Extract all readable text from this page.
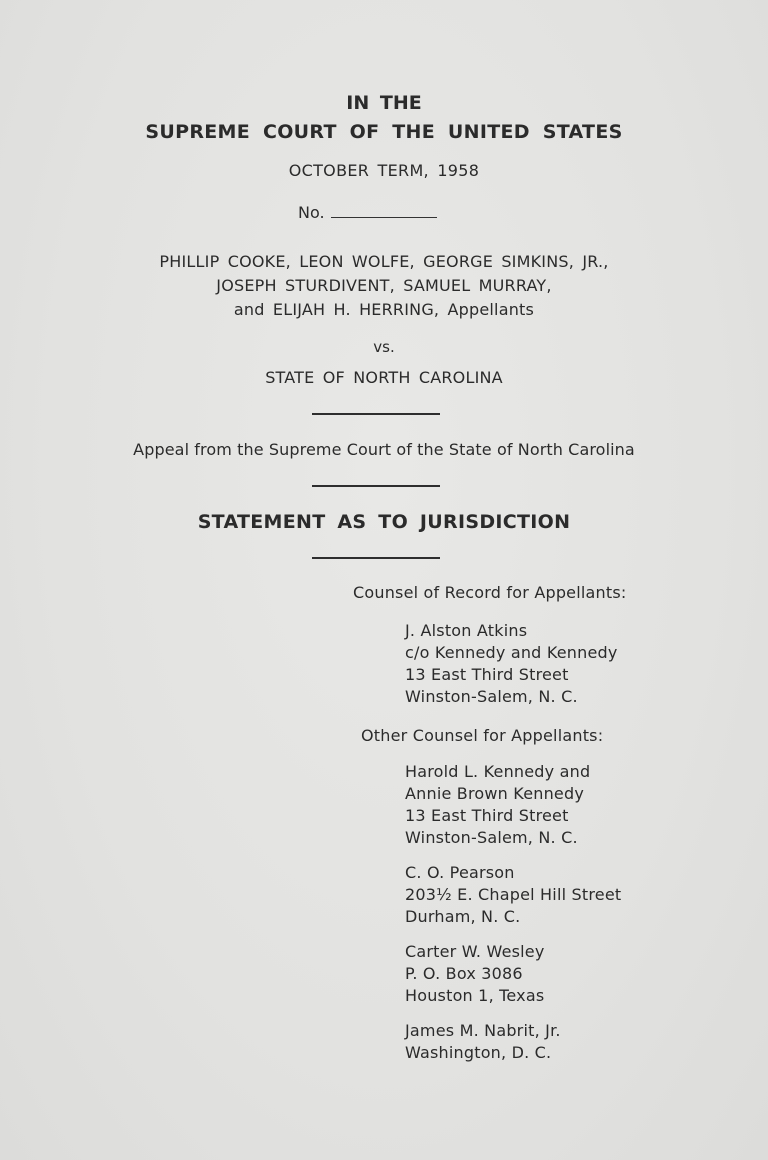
IN THE
SUPREME COURT OF THE UNITED STATES
OCTOBER TERM, 1958
No.
PHILLIP COOKE, LEON WOLFE, GEORGE SIMKINS, JR.,
JOSEPH STURDIVENT, SAMUEL MURRAY,
and ELIJAH H. HERRING, Appellants
vs.
STATE OF NORTH CAROLINA
Appeal from the Supreme Court of the State of North Carolina
STATEMENT AS TO JURISDICTION
Counsel of Record for Appellants:
J. Alston Atkins
c/o Kennedy and Kennedy
13 East Third Street
Winston-Salem, N. C.
Other Counsel for Appellants:
Harold L. Kennedy and
Annie Brown Kennedy
13 East Third Street
Winston-Salem, N. C.
C. O. Pearson
203½ E. Chapel Hill Street
Durham, N. C.
Carter W. Wesley
P. O. Box 3086
Houston 1, Texas
James M. Nabrit, Jr.
Washington, D. C.
